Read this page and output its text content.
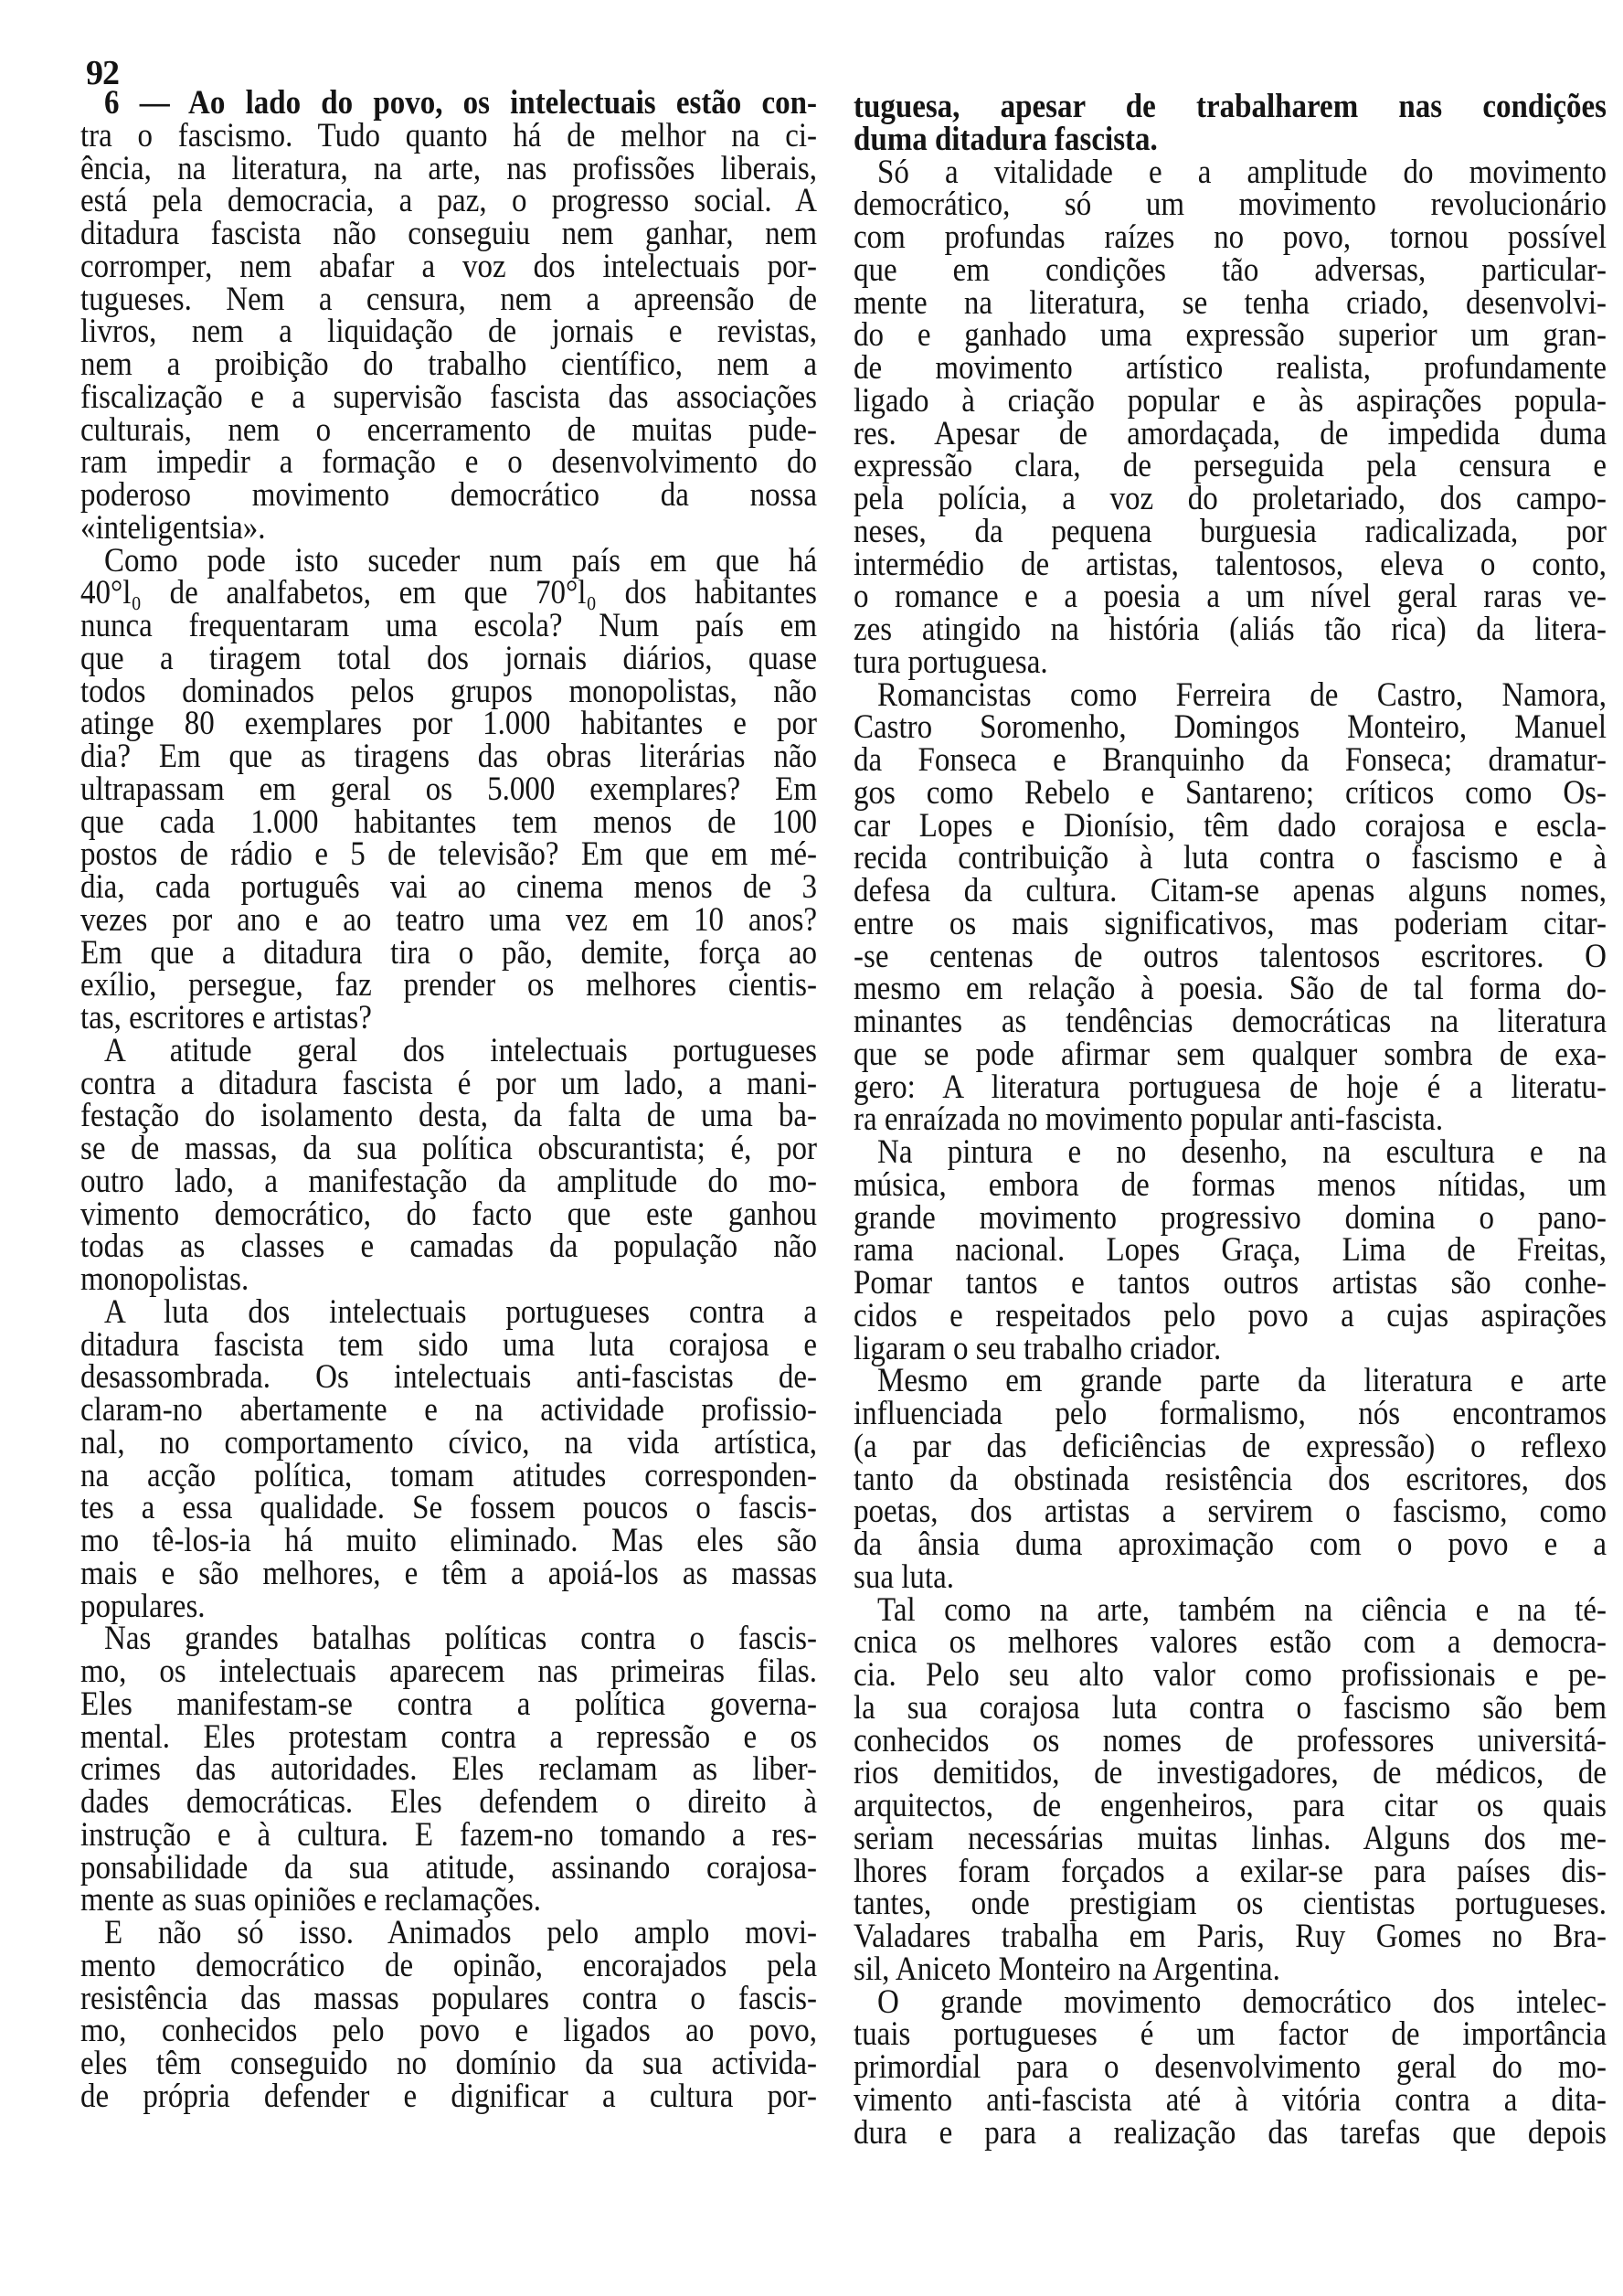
92
6 — Ao lado do povo, os intelectuais estão con-
tra o fascismo. Tudo quanto há de melhor na ci-
ência, na literatura, na arte, nas profissões liberais,
está pela democracia, a paz, o progresso social. A
ditadura fascista não conseguiu nem ganhar, nem
corromper, nem abafar a voz dos intelectuais por-
tugueses. Nem a censura, nem a apreensão de
livros, nem a liquidação de jornais e revistas,
nem a proibição do trabalho científico, nem a
fiscalização e a supervisão fascista das associações
culturais, nem o encerramento de muitas pude-
ram impedir a formação e o desenvolvimento do
poderoso movimento democrático da nossa
«inteligentsia».
Como pode isto suceder num país em que há
40°l₀ de analfabetos, em que 70°l₀ dos habitantes
nunca frequentaram uma escola? Num país em
que a tiragem total dos jornais diários, quase
todos dominados pelos grupos monopolistas, não
atinge 80 exemplares por 1.000 habitantes e por
dia? Em que as tiragens das obras literárias não
ultrapassam em geral os 5.000 exemplares? Em
que cada 1.000 habitantes tem menos de 100
postos de rádio e 5 de televisão? Em que em mé-
dia, cada português vai ao cinema menos de 3
vezes por ano e ao teatro uma vez em 10 anos?
Em que a ditadura tira o pão, demite, força ao
exílio, persegue, faz prender os melhores cientis-
tas, escritores e artistas?
A atitude geral dos intelectuais portugueses
contra a ditadura fascista é por um lado, a mani-
festação do isolamento desta, da falta de uma ba-
se de massas, da sua política obscurantista; é, por
outro lado, a manifestação da amplitude do mo-
vimento democrático, do facto que este ganhou
todas as classes e camadas da população não
monopolistas.
A luta dos intelectuais portugueses contra a
ditadura fascista tem sido uma luta corajosa e
desassombrada. Os intelectuais anti-fascistas de-
claram-no abertamente e na actividade profissio-
nal, no comportamento cívico, na vida artística,
na acção política, tomam atitudes corresponden-
tes a essa qualidade. Se fossem poucos o fascis-
mo tê-los-ia há muito eliminado. Mas eles são
mais e são melhores, e têm a apoiá-los as massas
populares.
Nas grandes batalhas políticas contra o fascis-
mo, os intelectuais aparecem nas primeiras filas.
Eles manifestam-se contra a política governa-
mental. Eles protestam contra a repressão e os
crimes das autoridades. Eles reclamam as liber-
dades democráticas. Eles defendem o direito à
instrução e à cultura. E fazem-no tomando a res-
ponsabilidade da sua atitude, assinando corajosa-
mente as suas opiniões e reclamações.
E não só isso. Animados pelo amplo movi-
mento democrático de opinão, encorajados pela
resistência das massas populares contra o fascis-
mo, conhecidos pelo povo e ligados ao povo,
eles têm conseguido no domínio da sua activida-
de própria defender e dignificar a cultura por-
tuguesa, apesar de trabalharem nas condições
duma ditadura fascista.
Só a vitalidade e a amplitude do movimento
democrático, só um movimento revolucionário
com profundas raízes no povo, tornou possível
que em condições tão adversas, particular-
mente na literatura, se tenha criado, desenvolvi-
do e ganhado uma expressão superior um gran-
de movimento artístico realista, profundamente
ligado à criação popular e às aspirações popula-
res. Apesar de amordaçada, de impedida duma
expressão clara, de perseguida pela censura e
pela polícia, a voz do proletariado, dos campo-
neses, da pequena burguesia radicalizada, por
intermédio de artistas, talentosos, eleva o conto,
o romance e a poesia a um nível geral raras ve-
zes atingido na história (aliás tão rica) da litera-
tura portuguesa.
Romancistas como Ferreira de Castro, Namora,
Castro Soromenho, Domingos Monteiro, Manuel
da Fonseca e Branquinho da Fonseca; dramatur-
gos como Rebelo e Santareno; críticos como Os-
car Lopes e Dionísio, têm dado corajosa e escla-
recida contribuição à luta contra o fascismo e à
defesa da cultura. Citam-se apenas alguns nomes,
entre os mais significativos, mas poderiam citar-
-se centenas de outros talentosos escritores. O
mesmo em relação à poesia. São de tal forma do-
minantes as tendências democráticas na literatura
que se pode afirmar sem qualquer sombra de exa-
gero: A literatura portuguesa de hoje é a literatu-
ra enraízada no movimento popular anti-fascista.
Na pintura e no desenho, na escultura e na
música, embora de formas menos nítidas, um
grande movimento progressivo domina o pano-
rama nacional. Lopes Graça, Lima de Freitas,
Pomar tantos e tantos outros artistas são conhe-
cidos e respeitados pelo povo a cujas aspirações
ligaram o seu trabalho criador.
Mesmo em grande parte da literatura e arte
influenciada pelo formalismo, nós encontramos
(a par das deficiências de expressão) o reflexo
tanto da obstinada resistência dos escritores, dos
poetas, dos artistas a servirem o fascismo, como
da ânsia duma aproximação com o povo e a
sua luta.
Tal como na arte, também na ciência e na té-
cnica os melhores valores estão com a democra-
cia. Pelo seu alto valor como profissionais e pe-
la sua corajosa luta contra o fascismo são bem
conhecidos os nomes de professores universitá-
rios demitidos, de investigadores, de médicos, de
arquitectos, de engenheiros, para citar os quais
seriam necessárias muitas linhas. Alguns dos me-
lhores foram forçados a exilar-se para países dis-
tantes, onde prestigiam os cientistas portugueses.
Valadares trabalha em Paris, Ruy Gomes no Bra-
sil, Aniceto Monteiro na Argentina.
O grande movimento democrático dos intelec-
tuais portugueses é um factor de importância
primordial para o desenvolvimento geral do mo-
vimento anti-fascista até à vitória contra a dita-
dura e para a realização das tarefas que depois
